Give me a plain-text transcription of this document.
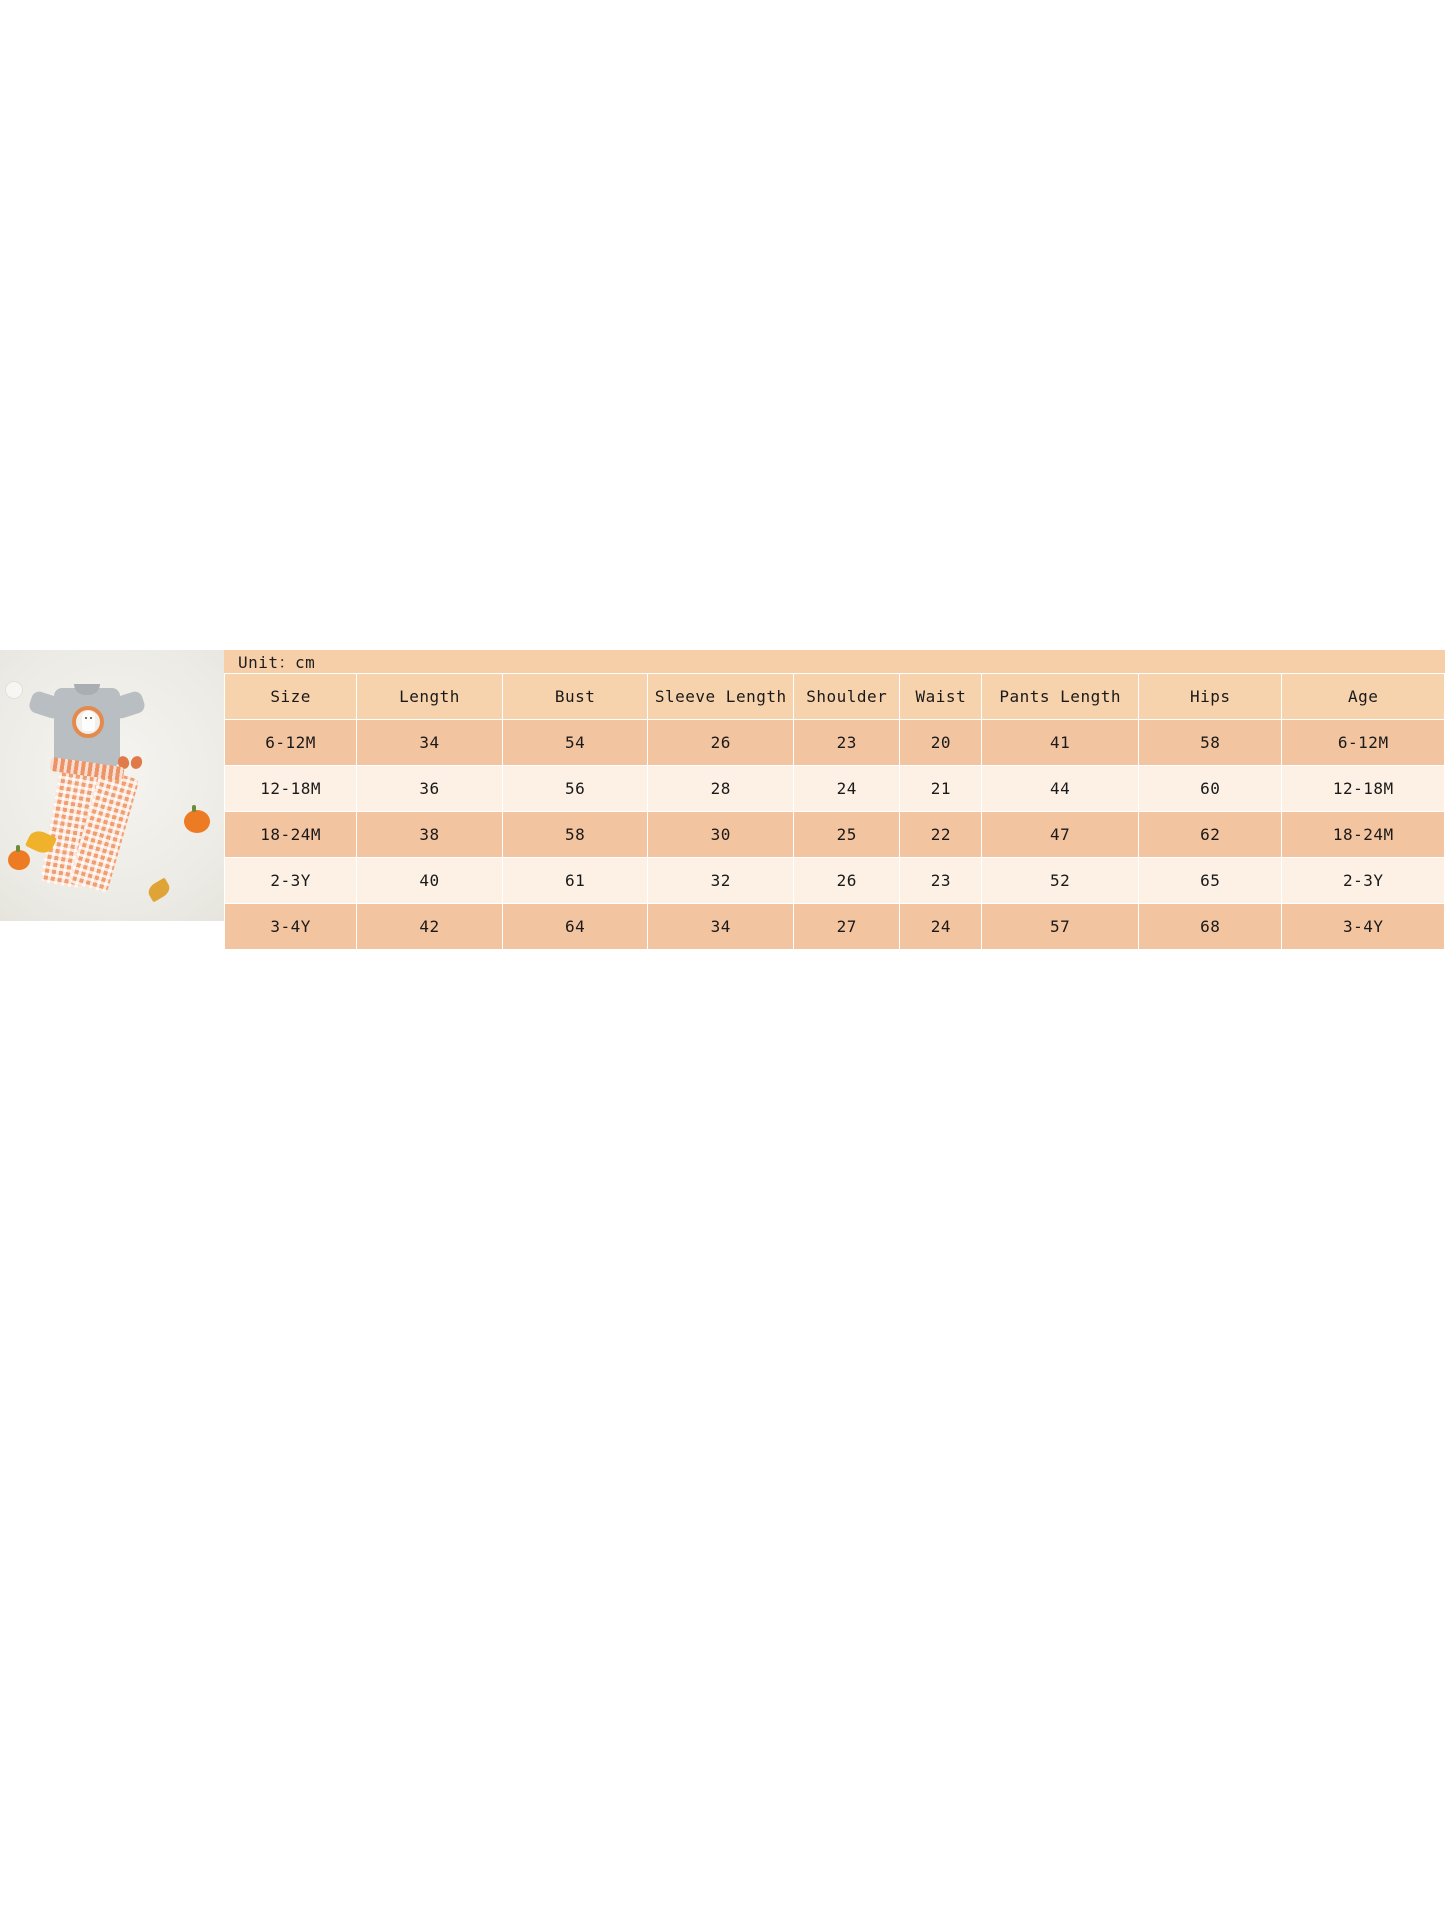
Unit：cm
Size	Length	Bust	Sleeve Length	Shoulder	Waist	Pants Length	Hips	Age
6-12M	34	54	26	23	20	41	58	6-12M
12-18M	36	56	28	24	21	44	60	12-18M
18-24M	38	58	30	25	22	47	62	18-24M
2-3Y	40	61	32	26	23	52	65	2-3Y
3-4Y	42	64	34	27	24	57	68	3-4Y
